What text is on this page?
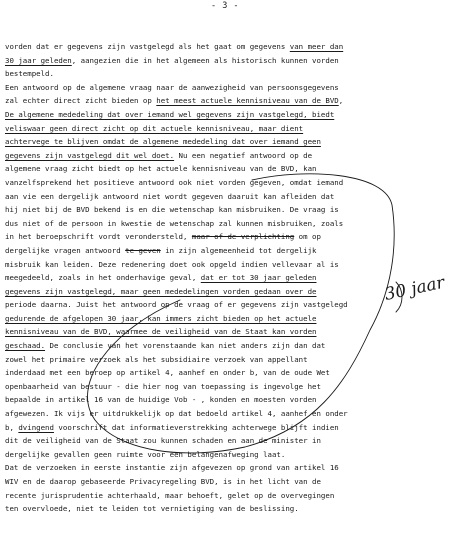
- 3 -
vorden dat er gegevens zijn vastgelegd als het gaat om gegevens van meer dan
30 jaar geleden, aangezien die in het algemeen als historisch kunnen vorden
bestempeld.
Een antwoord op de algemene vraag naar de aanwezigheid van persoonsgegevens
zal echter direct zicht bieden op het meest actuele kennisniveau van de BVD,
De algemene mededeling dat over iemand wel gegevens zijn vastgelegd, biedt
veliswaar geen direct zicht op dit actuele kennisniveau, maar dient
achtervege te blijven omdat de algemene mededeling dat over iemand geen
gegevens zijn vastgelegd dit wel doet. Nu een negatief antwoord op de
algemene vraag zicht biedt op het actuele kennisniveau van de BVD, kan
vanzelfsprekend het positieve antwoord ook niet vorden gegeven, omdat iemand
aan vie een dergelijk antwoord niet wordt gegeven daaruit kan afleiden dat
hij niet bij de BVD bekend is en die wetenschap kan misbruiken. De vraag is
dus niet of de persoon in kwestie de wetenschap zal kunnen misbruiken, zoals
in het beroepschrift vordt verondersteld, maar of de verplichting om op
dergelijke vragen antwoord te geven in zijn algemeenheid tot dergelijk
misbruik kan leiden. Deze redenering doet ook opgeld indien vellevaar al is
meegedeeld, zoals in het onderhavige geval, dat er tot 30 jaar geleden
gegevens zijn vastgelegd, maar geen mededelingen vorden gedaan over de
periode daarna. Juist het antwoord op de vraag of er gegevens zijn vastgelegd
gedurende de afgelopen 30 jaar, kan immers zicht bieden op het actuele
kennisniveau van de BVD, waarmee de veiligheid van de Staat kan vorden
geschaad. De conclusie van het vorenstaande kan niet anders zijn dan dat
zowel het primaire verzoek als het subsidiaire verzoek van appellant
inderdaad met een beroep op artikel 4, aanhef en onder b, van de oude Wet
openbaarheid van bestuur - die hier nog van toepassing is ingevolge het
bepaalde in artikel 16 van de huidige Vob - , konden en moesten vorden
afgewezen. Ik vijs er uitdrukkelijk op dat bedoeld artikel 4, aanhef en onder
b, dvingend voorschrift dat informatieverstrekking achterwege blijft indien
dit de veiligheid van de Staat zou kunnen schaden en aan de minister in
dergelijke gevallen geen ruimte voor een belangenafweging laat.
Dat de verzoeken in eerste instantie zijn afgevezen op grond van artikel 16
WIV en de daarop gebaseerde Privacyregeling BVD, is in het licht van de
recente jurisprudentie achterhaald, maar behoeft, gelet op de overvegingen
ten overvloede, niet te leiden tot vernietiging van de beslissing.
30 jaar
